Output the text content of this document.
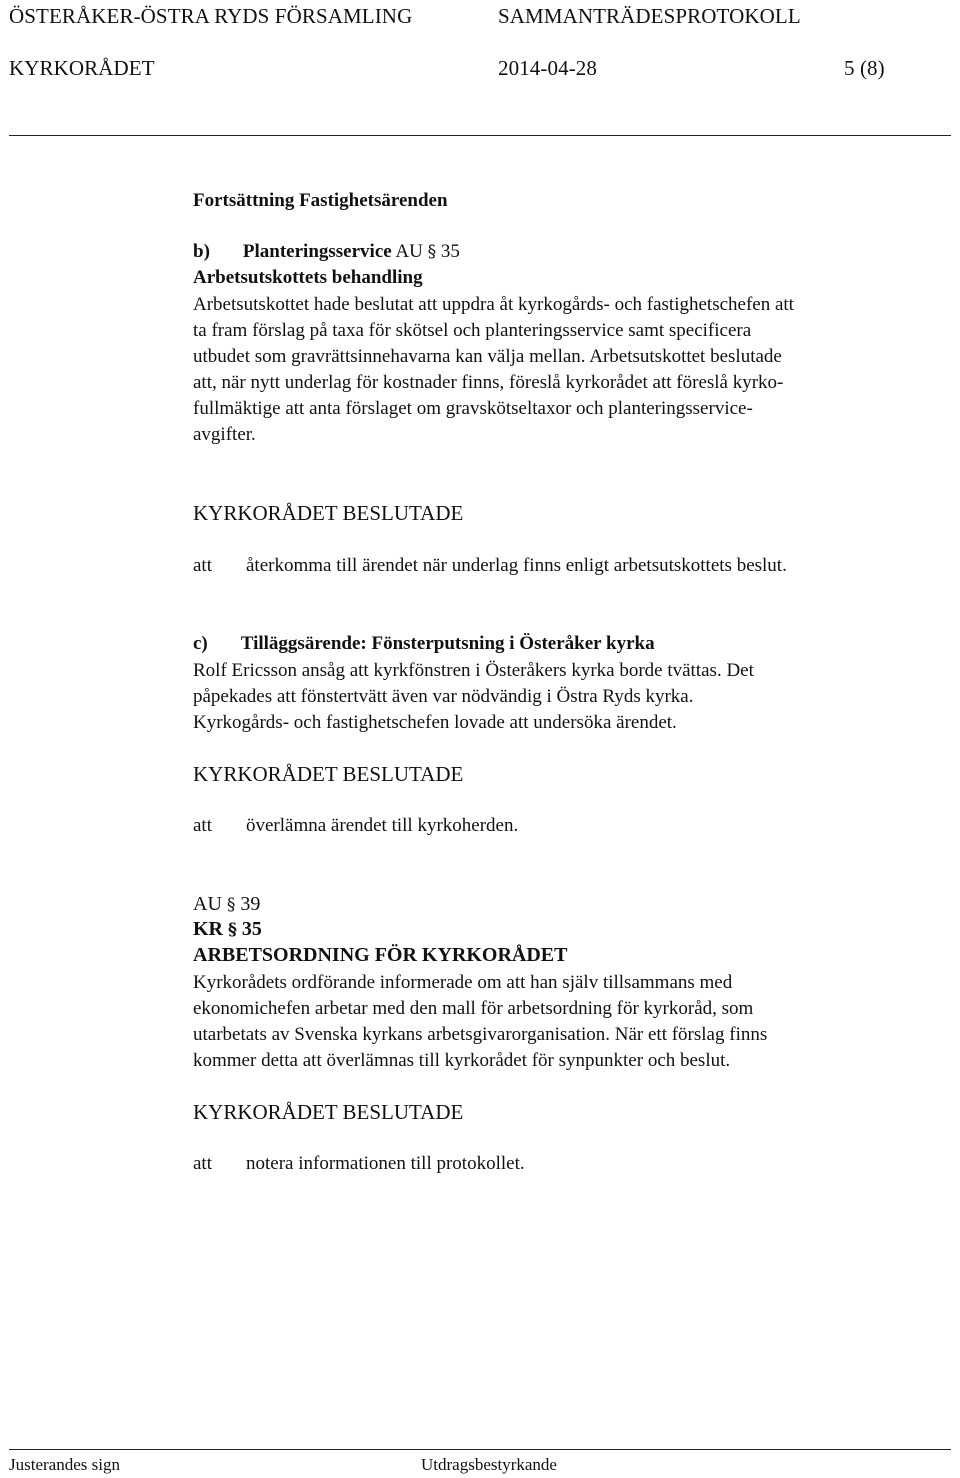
ÖSTERÅKER-ÖSTRA RYDS FÖRSAMLING	SAMMANTRÄDESPROTOKOLL
KYRKORÅDET	2014-04-28	5 (8)
Fortsättning Fastighetsärenden
b) Planteringsservice AU § 35
Arbetsutskottets behandling
Arbetsutskottet hade beslutat att uppdra åt kyrkogårds- och fastighetschefen att
ta fram förslag på taxa för skötsel och planteringsservice samt specificera
utbudet som gravrättsinnehavarna kan välja mellan. Arbetsutskottet beslutade
att, när nytt underlag för kostnader finns, föreslå kyrkorådet att föreslå kyrko-
fullmäktige att anta förslaget om gravskötseltaxor och planteringsservice-
avgifter.
KYRKORÅDET BESLUTADE
att återkomma till ärendet när underlag finns enligt arbetsutskottets beslut.
c) Tilläggsärende: Fönsterputsning i Österåker kyrka
Rolf Ericsson ansåg att kyrkfönstren i Österåkers kyrka borde tvättas. Det
påpekades att fönstertvätt även var nödvändig i Östra Ryds kyrka.
Kyrkogårds- och fastighetschefen lovade att undersöka ärendet.
KYRKORÅDET BESLUTADE
att överlämna ärendet till kyrkoherden.
AU § 39
KR § 35
ARBETSORDNING FÖR KYRKORÅDET
Kyrkorådets ordförande informerade om att han själv tillsammans med
ekonomichefen arbetar med den mall för arbetsordning för kyrkoråd, som
utarbetats av Svenska kyrkans arbetsgivarorganisation. När ett förslag finns
kommer detta att överlämnas till kyrkorådet för synpunkter och beslut.
KYRKORÅDET BESLUTADE
att notera informationen till protokollet.
Justerandes sign	Utdragsbestyrkande
